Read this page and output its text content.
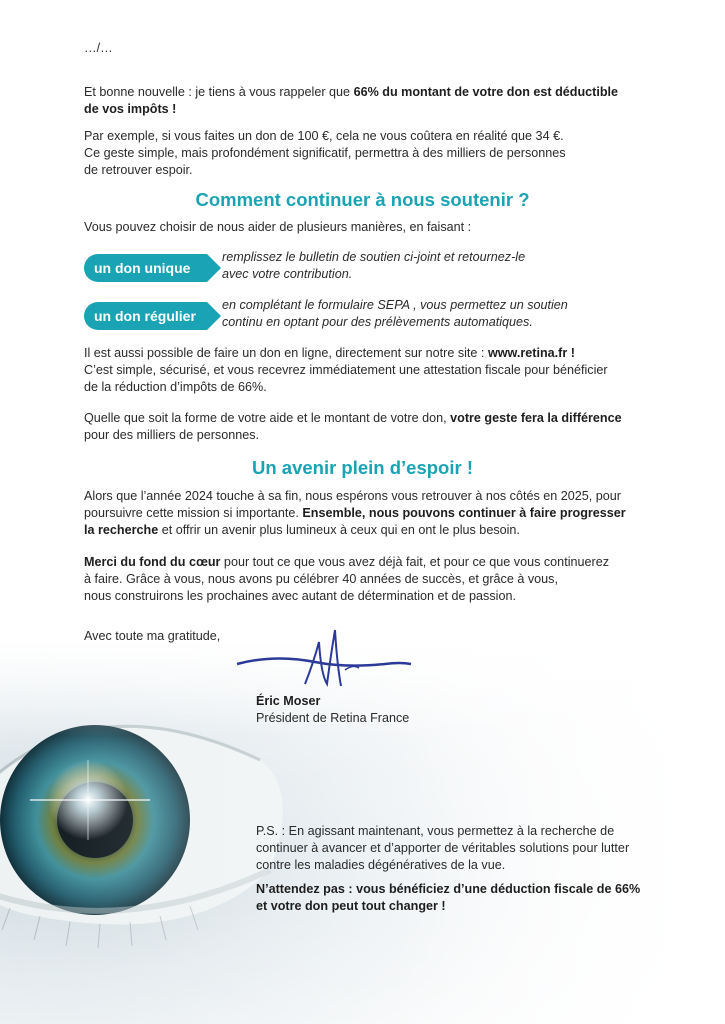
…/…
Et bonne nouvelle : je tiens à vous rappeler que 66% du montant de votre don est déductible
de vos impôts !
Par exemple, si vous faites un don de 100 €, cela ne vous coûtera en réalité que 34 €.
Ce geste simple, mais profondément significatif, permettra à des milliers de personnes
de retrouver espoir.
Comment continuer à nous soutenir ?
Vous pouvez choisir de nous aider de plusieurs manières, en faisant :
un don unique
remplissez le bulletin de soutien ci-joint et retournez-le
avec votre contribution.
un don régulier
en complétant le formulaire SEPA , vous permettez un soutien
continu en optant pour des prélèvements automatiques.
Il est aussi possible de faire un don en ligne, directement sur notre site : www.retina.fr !
C’est simple, sécurisé, et vous recevrez immédiatement une attestation fiscale pour bénéficier
de la réduction d’impôts de 66%.
Quelle que soit la forme de votre aide et le montant de votre don, votre geste fera la différence
pour des milliers de personnes.
Un avenir plein d’espoir !
Alors que l’année 2024 touche à sa fin, nous espérons vous retrouver à nos côtés en 2025, pour
poursuivre cette mission si importante. Ensemble, nous pouvons continuer à faire progresser
la recherche et offrir un avenir plus lumineux à ceux qui en ont le plus besoin.
Merci du fond du cœur pour tout ce que vous avez déjà fait, et pour ce que vous continuerez
à faire. Grâce à vous, nous avons pu célébrer 40 années de succès, et grâce à vous,
nous construirons les prochaines avec autant de détermination et de passion.
Avec toute ma gratitude,
Éric Moser
Président de Retina France
P.S. : En agissant maintenant, vous permettez à la recherche de
continuer à avancer et d’apporter de véritables solutions pour lutter
contre les maladies dégénératives de la vue.
N’attendez pas : vous bénéficiez d’une déduction fiscale de 66%
et votre don peut tout changer !
